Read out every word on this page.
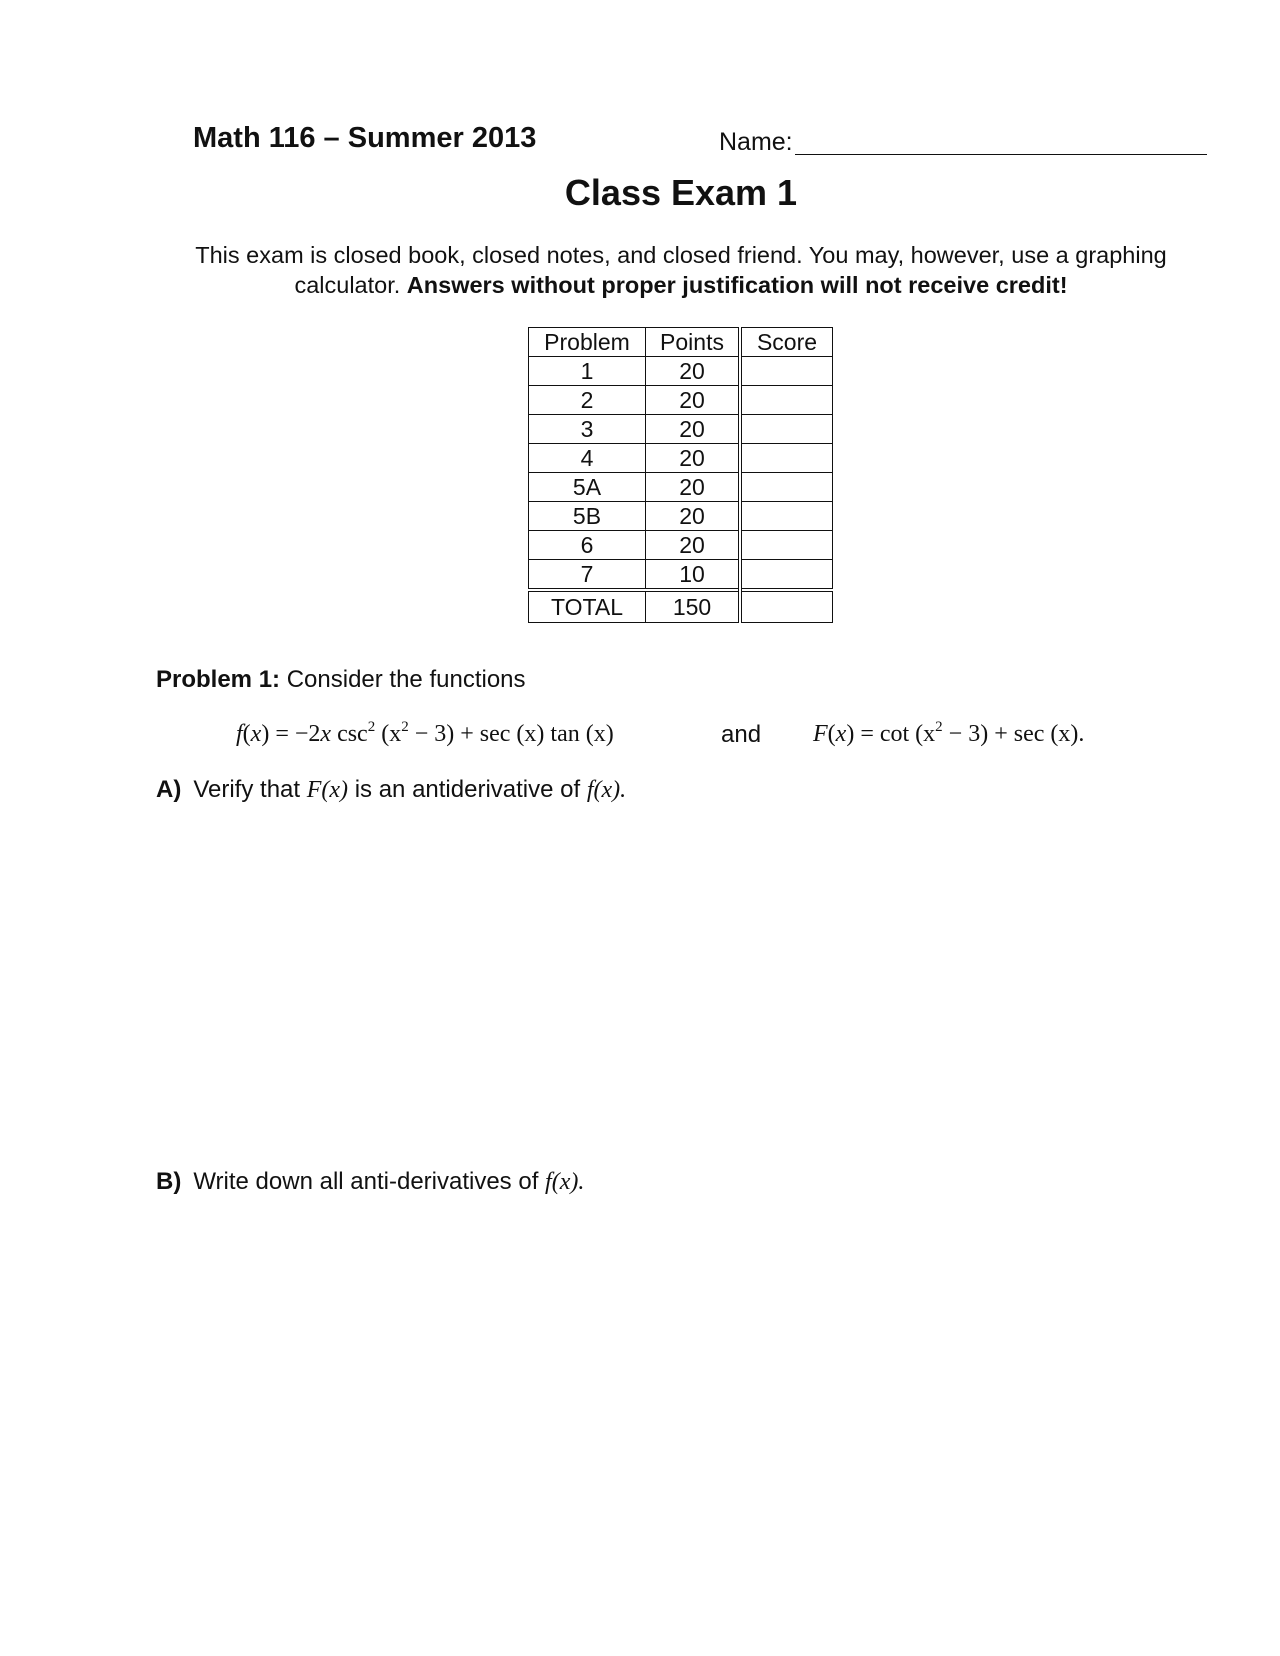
Math 116 – Summer 2013	Name:
Class Exam 1
This exam is closed book, closed notes, and closed friend. You may, however, use a graphing calculator. Answers without proper justification will not receive credit!
Problem	Points	Score
1	20	
2	20	
3	20	
4	20	
5A	20	
5B	20	
6	20	
7	10	
TOTAL	150	
Problem 1: Consider the functions
f(x) = −2x $\csc^2 (x^2 - 3) + \sec (x)$ tan (x)	and $F(x) = \cot (x^2 - 3) + \sec (x)$.
A) Verify that F(x) is an antiderivative of f(x).
B) Write down all anti-derivatives of f(x).
